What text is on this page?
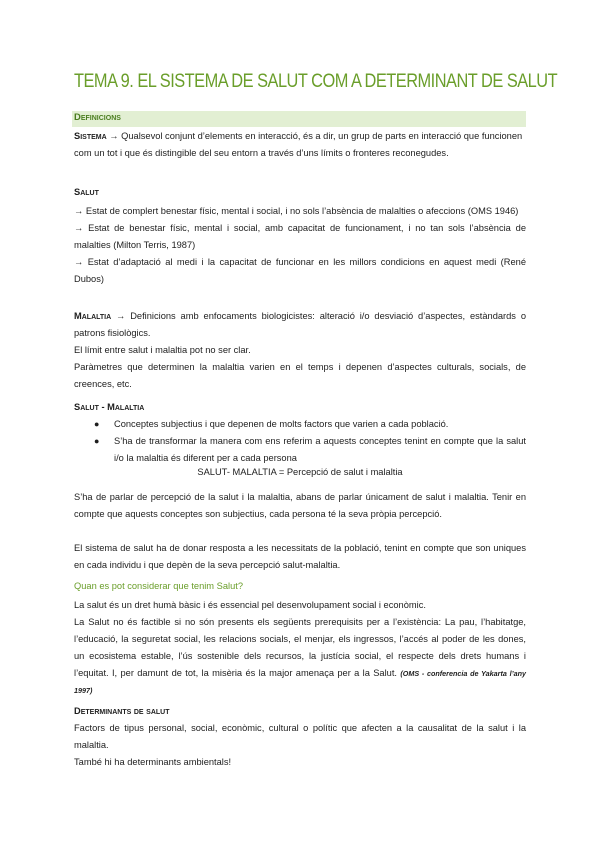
TEMA 9. EL SISTEMA DE SALUT COM A DETERMINANT DE SALUT
Definicions
Sistema → Qualsevol conjunt d’elements en interacció, és a dir, un grup de parts en interacció que funcionen com un tot i que és distingible del seu entorn a través d’uns límits o fronteres reconegudes.
Salut

→ Estat de complert benestar físic, mental i social, i no sols l’absència de malalties o afeccions (OMS 1946)

→ Estat de benestar físic, mental i social, amb capacitat de funcionament, i no tan sols l’absència de malalties (Milton Terris, 1987)

→ Estat d’adaptació al medi i la capacitat de funcionar en les millors condicions en aquest medi (René Dubos)

Malaltia → Definicions amb enfocaments biologicistes: alteració i/o desviació d’aspectes, estàndards o patrons fisiològics.

El límit entre salut i malaltia pot no ser clar.

Paràmetres que determinen la malaltia varien en el temps i depenen d’aspectes culturals, socials, de creences, etc.

Salut - Malaltia
● Conceptes subjectius i que depenen de molts factors que varien a cada població.
● S’ha de transformar la manera com ens referim a aquests conceptes tenint en compte que la salut i/o la malaltia és diferent per a cada persona
SALUT- MALALTIA = Percepció de salut i malaltia
S’ha de parlar de percepció de la salut i la malaltia, abans de parlar únicament de salut i malaltia. Tenir en compte que aquests conceptes son subjectius, cada persona té la seva pròpia percepció.
El sistema de salut ha de donar resposta a les necessitats de la població, tenint en compte que son uniques en cada individu i que depèn de la seva percepció salut-malaltia.
Quan es pot considerar que tenim Salut?
La salut és un dret humà bàsic i és essencial pel desenvolupament social i econòmic.
La Salut no és factible si no són presents els següents prerequisits per a l’existència: La pau, l’habitatge, l’educació, la seguretat social, les relacions socials, el menjar, els ingressos, l’accés al poder de les dones, un ecosistema estable, l’ús sostenible dels recursos, la justícia social, el respecte dels drets humans i l’equitat. I, per damunt de tot, la misèria és la major amenaça per a la Salut. (OMS - conferencia de Yakarta l’any 1997)
Determinants de salut

Factors de tipus personal, social, econòmic, cultural o polític que afecten a la causalitat de la salut i la malaltia.

També hi ha determinants ambientals!
